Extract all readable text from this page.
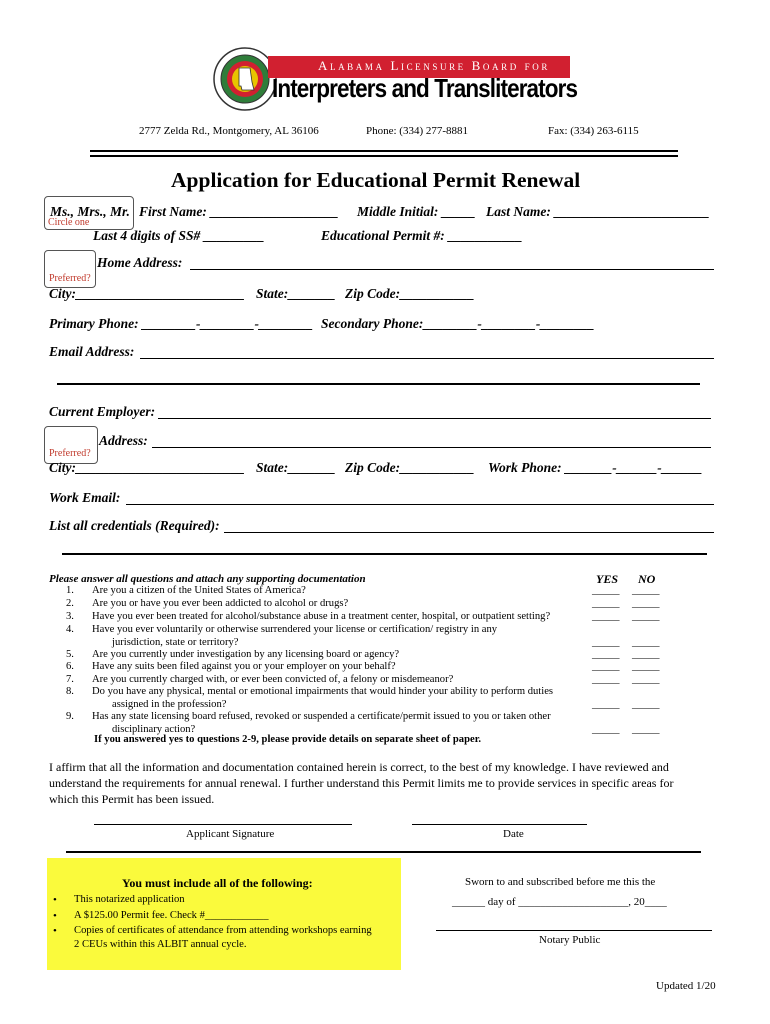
Alabama Licensure Board for
Interpreters and Transliterators
2777 Zelda Rd., Montgomery, AL 36106	Phone: (334) 277-8881	Fax: (334) 263-6115
Application for Educational Permit Renewal
Ms., Mrs., Mr.
Circle one
First Name: ___________________ Middle Initial: _____ Last Name: _______________________
Last 4 digits of SS# _________	Educational Permit #: ___________
Home Address:
Preferred?
City:_________________________ State:_______ Zip Code:___________
Primary Phone: ________-________-________ Secondary Phone:________-________-________
Email Address:
Current Employer:
Address:
Preferred?
City:_________________________ State:_______ Zip Code:___________ Work Phone: _______-______-______
Work Email:
List all credentials (Required):
Please answer all questions and attach any supporting documentation	YES NO
1. Are you a citizen of the United States of America?	_____ _____
2. Are you or have you ever been addicted to alcohol or drugs?	_____ _____
3. Have you ever been treated for alcohol/substance abuse in a treatment center, hospital, or outpatient setting?	_____ _____
4. Have you ever voluntarily or otherwise surrendered your license or certification/ registry in any
jurisdiction, state or territory?	_____ _____
5. Are you currently under investigation by any licensing board or agency?	_____ _____
6. Have any suits been filed against you or your employer on your behalf?	_____ _____
7. Are you currently charged with, or ever been convicted of, a felony or misdemeanor?	_____ _____
8. Do you have any physical, mental or emotional impairments that would hinder your ability to perform duties
assigned in the profession?	_____ _____
9. Has any state licensing board refused, revoked or suspended a certificate/permit issued to you or taken other
disciplinary action?	_____ _____
If you answered yes to questions 2-9, please provide details on separate sheet of paper.
I affirm that all the information and documentation contained herein is correct, to the best of my knowledge. I have reviewed and
understand the requirements for annual renewal. I further understand this Permit limits me to provide services in specific areas for
which this Permit has been issued.
Applicant Signature	Date
You must include all of the following:
• This notarized application
• A $125.00 Permit fee. Check #____________
• Copies of certificates of attendance from attending workshops earning
2 CEUs within this ALBIT annual cycle.
Sworn to and subscribed before me this the
______ day of ____________________, 20____
Notary Public
Updated 1/20
